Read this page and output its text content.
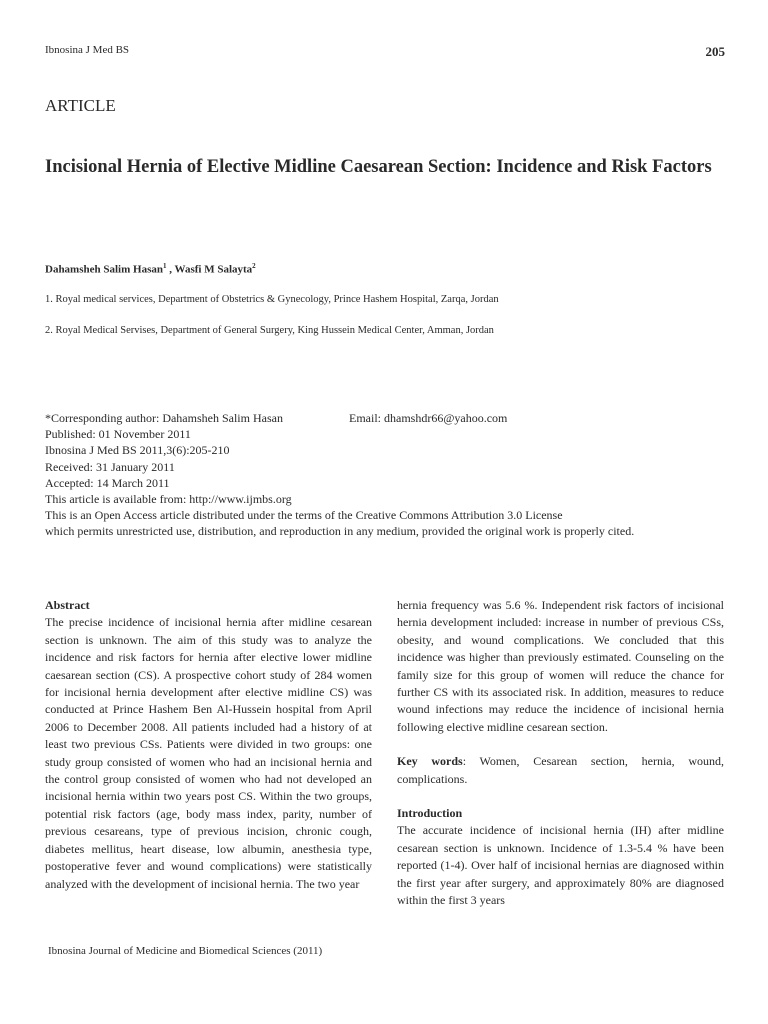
Ibnosina J Med BS	205
ARTICLE
Incisional Hernia of Elective Midline Caesarean Section: Incidence and Risk Factors
Dahamsheh Salim Hasan$^1$ , Wasfi M Salayta$^2$
1. Royal medical services, Department of Obstetrics & Gynecology, Prince Hashem Hospital, Zarqa, Jordan
2. Royal Medical Servises, Department of General Surgery, King Hussein Medical Center, Amman, Jordan
*Corresponding author: Dahamsheh Salim Hasan	Email: dhamshdr66@yahoo.com
Published: 01 November 2011
Ibnosina J Med BS 2011,3(6):205-210
Received: 31 January 2011
Accepted: 14 March 2011
This article is available from: http://www.ijmbs.org
This is an Open Access article distributed under the terms of the Creative Commons Attribution 3.0 License
which permits unrestricted use, distribution, and reproduction in any medium, provided the original work is properly cited.
Abstract
The precise incidence of incisional hernia after midline cesarean section is unknown. The aim of this study was to analyze the incidence and risk factors for hernia after elective lower midline caesarean section (CS). A prospective cohort study of 284 women for incisional hernia development after elective midline CS) was conducted at Prince Hashem Ben Al-Hussein hospital from April 2006 to December 2008. All patients included had a history of at least two previous CSs. Patients were divided in two groups: one study group consisted of women who had an incisional hernia and the control group consisted of women who had not developed an incisional hernia within two years post CS. Within the two groups, potential risk factors (age, body mass index, parity, number of previous cesareans, type of previous incision, chronic cough, diabetes mellitus, heart disease, low albumin, anesthesia type, postoperative fever and wound complications) were statistically analyzed with the development of incisional hernia. The two year
hernia frequency was 5.6 %. Independent risk factors of incisional hernia development included: increase in number of previous CSs, obesity, and wound complications. We concluded that this incidence was higher than previously estimated. Counseling on the family size for this group of women will reduce the chance for further CS with its associated risk. In addition, measures to reduce wound infections may reduce the incidence of incisional hernia following elective midline cesarean section.
Key words: Women, Cesarean section, hernia, wound, complications.
Introduction
The accurate incidence of incisional hernia (IH) after midline cesarean section is unknown. Incidence of 1.3-5.4 % have been reported (1-4). Over half of incisional hernias are diagnosed within the first year after surgery, and approximately 80% are diagnosed within the first 3 years
Ibnosina Journal of Medicine and Biomedical Sciences (2011)
